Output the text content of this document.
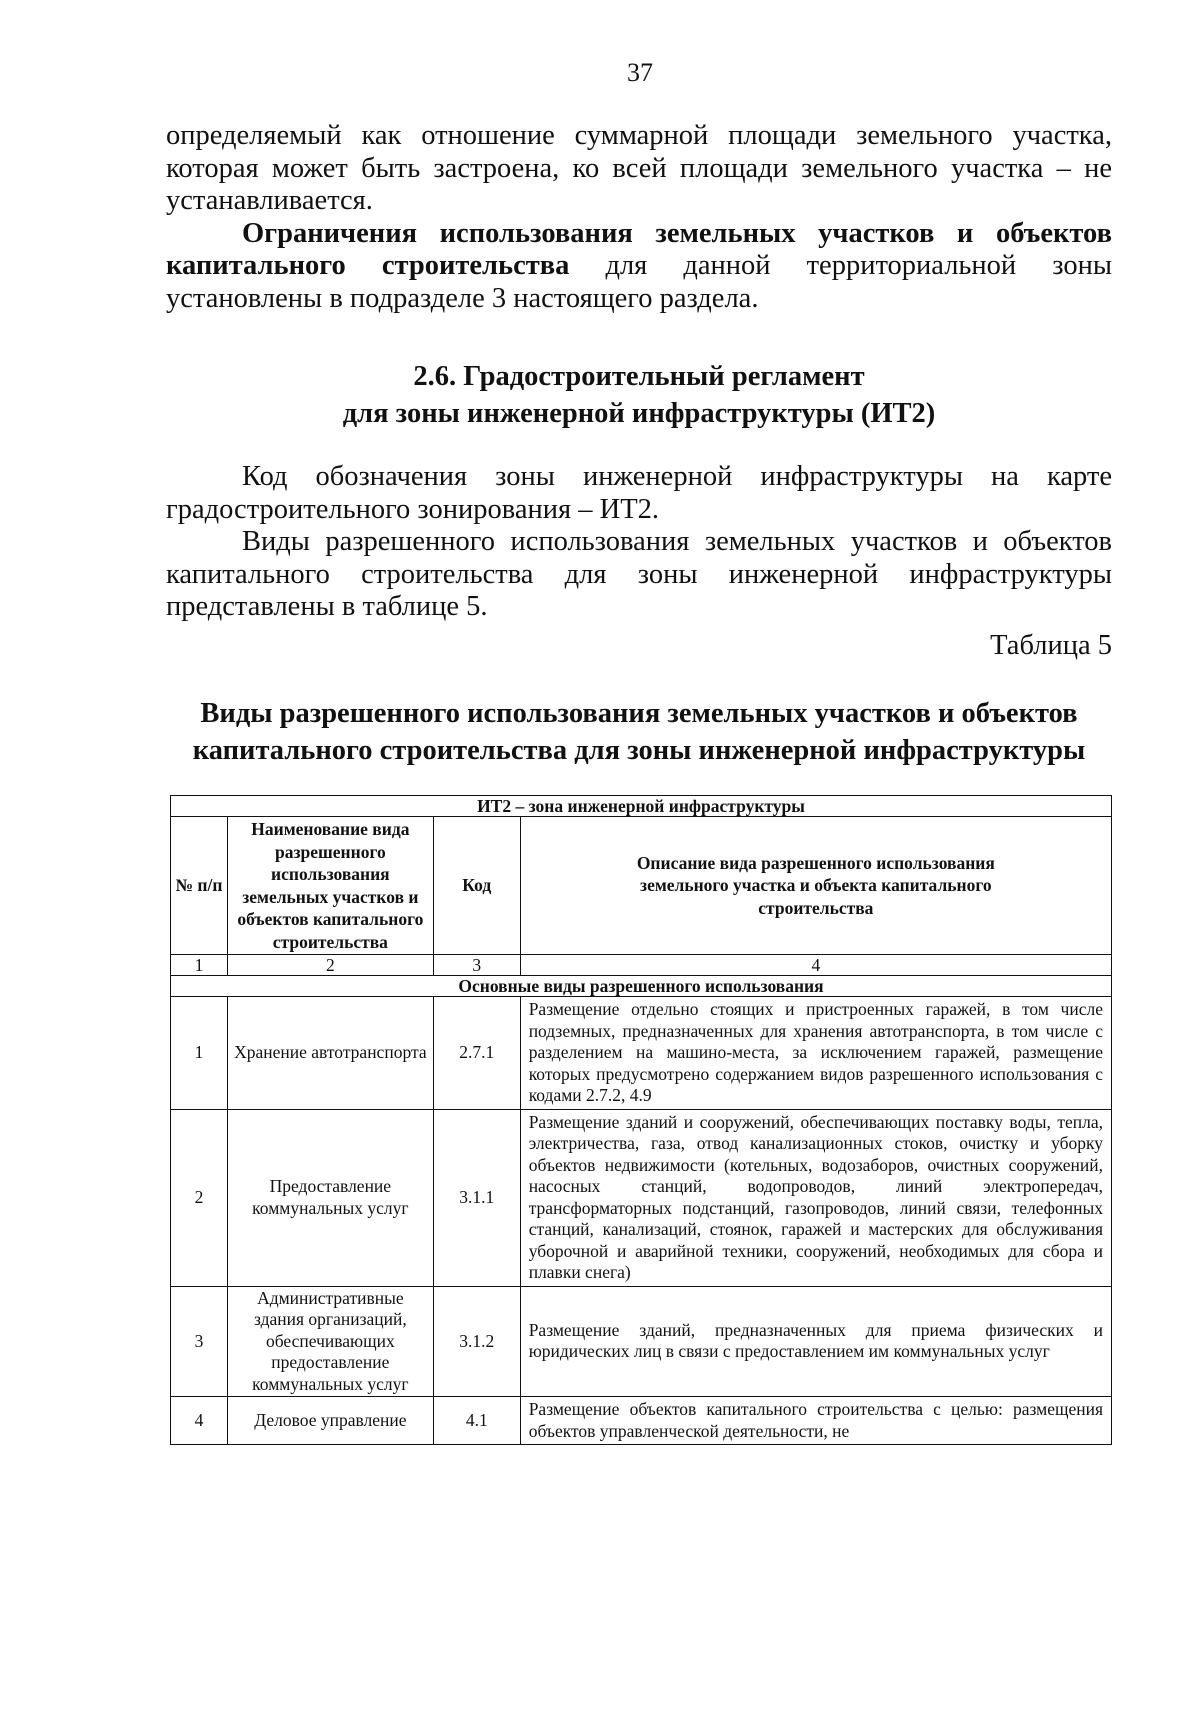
37

определяемый как отношение суммарной площади земельного участка, которая может быть застроена, ко всей площади земельного участка – не устанавливается.

Ограничения использования земельных участков и объектов капитального строительства для данной территориальной зоны установлены в подразделе 3 настоящего раздела.

2.6. Градостроительный регламент
для зоны инженерной инфраструктуры (ИТ2)

Код обозначения зоны инженерной инфраструктуры на карте градостроительного зонирования – ИТ2.

Виды разрешенного использования земельных участков и объектов капитального строительства для зоны инженерной инфраструктуры представлены в таблице 5.

Таблица 5
Виды разрешенного использования земельных участков и объектов
капитального строительства для зоны инженерной инфраструктуры
ИТ2 – зона инженерной инфраструктуры			
№ п/п	Наименование вида разрешенного использования земельных участков и объектов капитального строительства	Код	Описание вида разрешенного использования земельного участка и объекта капитального строительства
1	2	3	4
Основные виды разрешенного использования			
1	Хранение автотранспорта	2.7.1	Размещение отдельно стоящих и пристроенных гаражей, в том числе подземных, предназначенных для хранения автотранспорта, в том числе с разделением на машино-места, за исключением гаражей, размещение которых предусмотрено содержанием видов разрешенного использования с кодами 2.7.2, 4.9
2	Предоставление коммунальных услуг	3.1.1	Размещение зданий и сооружений, обеспечивающих поставку воды, тепла, электричества, газа, отвод канализационных стоков, очистку и уборку объектов недвижимости (котельных, водозаборов, очистных сооружений, насосных станций, водопроводов, линий электропередач, трансформаторных подстанций, газопроводов, линий связи, телефонных станций, канализаций, стоянок, гаражей и мастерских для обслуживания уборочной и аварийной техники, сооружений, необходимых для сбора и плавки снега)
3	Административные здания организаций, обеспечивающих предоставление коммунальных услуг	3.1.2	Размещение зданий, предназначенных для приема физических и юридических лиц в связи с предоставлением им коммунальных услуг
4	Деловое управление	4.1	Размещение объектов капитального строительства с целью: размещения объектов управленческой деятельности, не
